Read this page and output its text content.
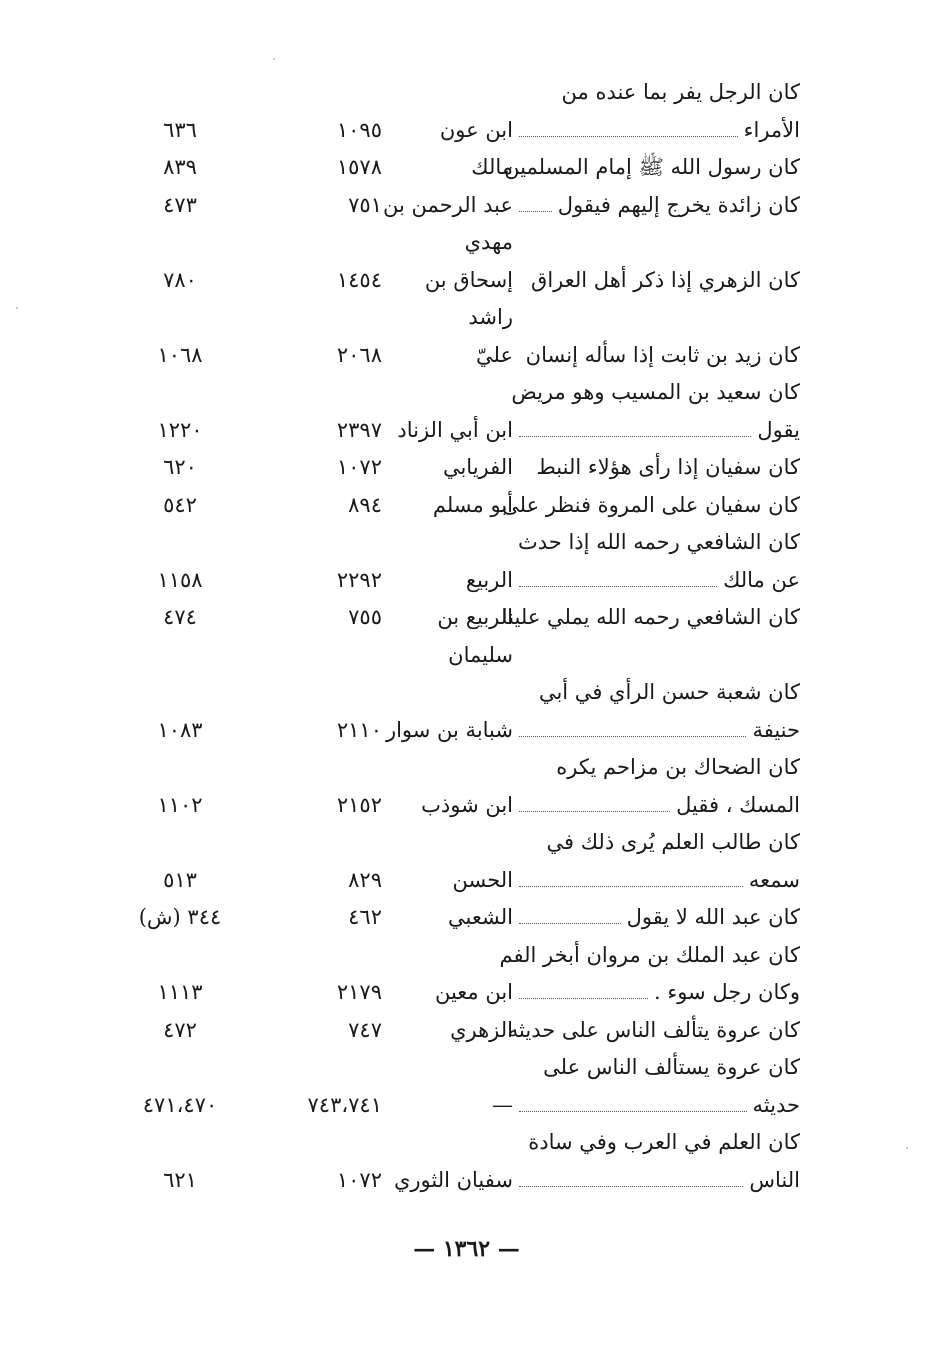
كان الرجل يفر بما عنده من
الأمراء
ابن عون
١٠٩٥
٦٣٦
كان رسول الله ﷺ إمام المسلمين
مالك
١٥٧٨
٨٣٩
كان زائدة يخرج إليهم فيقول
عبد الرحمن بن
٧٥١
٤٧٣
مهدي
كان الزهري إذا ذكر أهل العراق
إسحاق بن
١٤٥٤
٧٨٠
راشد
كان زيد بن ثابت إذا سأله إنسان
عليّ
٢٠٦٨
١٠٦٨
كان سعيد بن المسيب وهو مريض
يقول
ابن أبي الزناد
٢٣٩٧
١٢٢٠
كان سفيان إذا رأى هؤلاء النبط
الفريابي
١٠٧٢
٦٢٠
كان سفيان على المروة فنظر على
أبو مسلم
٨٩٤
٥٤٢
كان الشافعي رحمه الله إذا حدث
عن مالك
الربيع
٢٢٩٢
١١٥٨
كان الشافعي رحمه الله يملي علينا
الربيع بن
٧٥٥
٤٧٤
سليمان
كان شعبة حسن الرأي في أبي
حنيفة
شبابة بن سوار
٢١١٠
١٠٨٣
كان الضحاك بن مزاحم يكره
المسك ، فقيل
ابن شوذب
٢١٥٢
١١٠٢
كان طالب العلم يُرى ذلك في
سمعه
الحسن
٨٢٩
٥١٣
كان عبد الله لا يقول
الشعبي
٤٦٢
٣٤٤ (ش)
كان عبد الملك بن مروان أبخر الفم
وكان رجل سوء .
ابن معين
٢١٧٩
١١١٣
كان عروة يتألف الناس على حديثه
الزهري
٧٤٧
٤٧٢
كان عروة يستألف الناس على
حديثه
—
٧٤٣،٧٤١
٤٧١،٤٧٠
كان العلم في العرب وفي سادة
الناس
سفيان الثوري
١٠٧٢
٦٢١
— ١٣٦٢ —
